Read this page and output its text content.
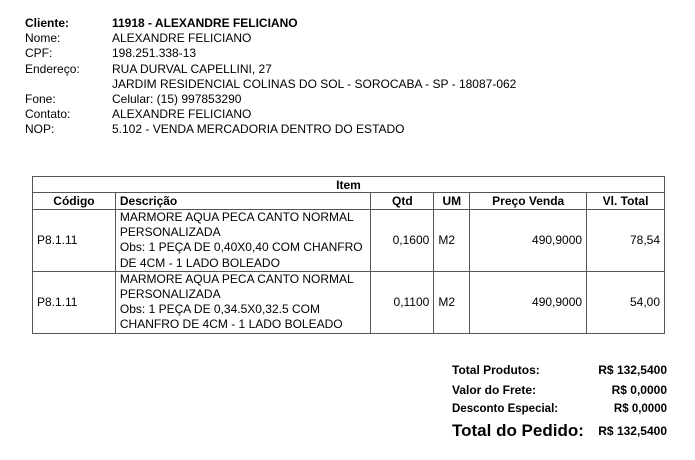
Cliente:	11918 - ALEXANDRE FELICIANO
Nome:	ALEXANDRE FELICIANO
CPF:	198.251.338-13
Endereço:	RUA DURVAL CAPELLINI, 27
JARDIM RESIDENCIAL COLINAS DO SOL - SOROCABA - SP - 18087-062
Fone:	Celular: (15) 997853290
Contato:	ALEXANDRE FELICIANO
NOP:	5.102 - VENDA MERCADORIA DENTRO DO ESTADO
Item					
Código	Descrição	Qtd	UM	Preço Venda	Vl. Total
P8.1.11	MARMORE AQUA PECA CANTO NORMAL
PERSONALIZADA
Obs: 1 PEÇA DE 0,40X0,40 COM CHANFRO
DE 4CM - 1 LADO BOLEADO	0,1600	M2	490,9000	78,54
P8.1.11	MARMORE AQUA PECA CANTO NORMAL
PERSONALIZADA
Obs: 1 PEÇA DE 0,34.5X0,32.5 COM
CHANFRO DE 4CM - 1 LADO BOLEADO	0,1100	M2	490,9000	54,00
Total Produtos:	R$ 132,5400
Valor do Frete:	R$ 0,0000
Desconto Especial:	R$ 0,0000
Total do Pedido:	R$ 132,5400
